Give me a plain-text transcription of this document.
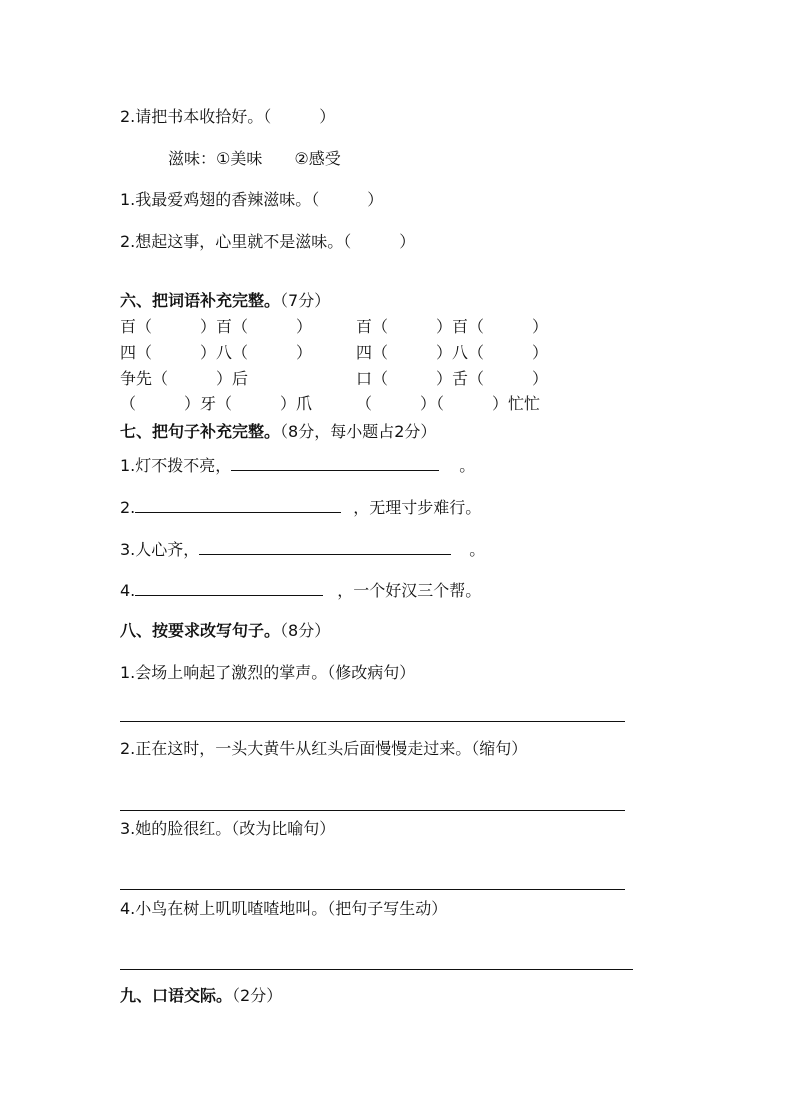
2.请把书本收拾好。（　　　）
滋味：①美味　　②感受
1.我最爱鸡翅的香辣滋味。（　　　）
2.想起这事，心里就不是滋味。（　　　）
六、把词语补充完整。（7分）
百（　　　）百（　　　）	百（　　　）百（　　　）
四（　　　）八（　　　）	四（　　　）八（　　　）
争先（　　　）后	口（　　　）舌（　　　）
（　　　）牙（　　　）爪	（　　　）（　　　）忙忙
七、把句子补充完整。（8分，每小题占2分）
1.灯不拨不亮，	。
2.	，无理寸步难行。
3.人心齐，	。
4.	，一个好汉三个帮。
八、按要求改写句子。（8分）
1.会场上响起了激烈的掌声。（修改病句）
2.正在这时，一头大黄牛从红头后面慢慢走过来。（缩句）
3.她的脸很红。（改为比喻句）
4.小鸟在树上叽叽喳喳地叫。（把句子写生动）
九、口语交际。（2分）
